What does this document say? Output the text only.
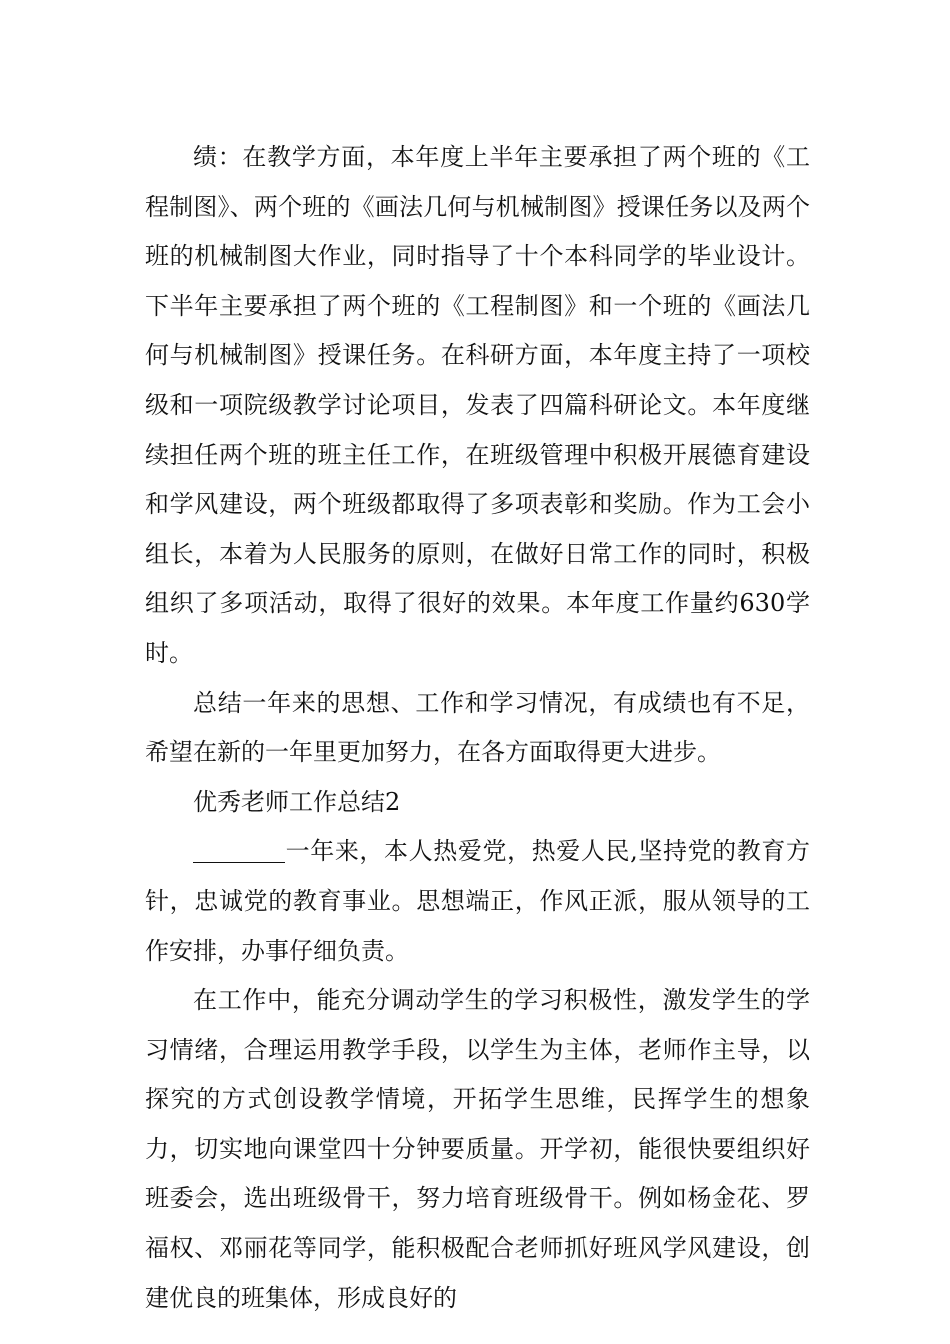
绩：在教学方面，本年度上半年主要承担了两个班的《工程制图》、两个班的《画法几何与机械制图》授课任务以及两个班的机械制图大作业，同时指导了十个本科同学的毕业设计。下半年主要承担了两个班的《工程制图》和一个班的《画法几何与机械制图》授课任务。在科研方面，本年度主持了一项校级和一项院级教学讨论项目，发表了四篇科研论文。本年度继续担任两个班的班主任工作，在班级管理中积极开展德育建设和学风建设，两个班级都取得了多项表彰和奖励。作为工会小组长，本着为人民服务的原则，在做好日常工作的同时，积极组织了多项活动，取得了很好的效果。本年度工作量约630学时。

总结一年来的思想、工作和学习情况，有成绩也有不足，希望在新的一年里更加努力，在各方面取得更大进步。

优秀老师工作总结2

一年来，本人热爱党，热爱人民,坚持党的教育方针，忠诚党的教育事业。思想端正，作风正派，服从领导的工作安排，办事仔细负责。

在工作中，能充分调动学生的学习积极性，激发学生的学习情绪，合理运用教学手段，以学生为主体，老师作主导，以探究的方式创设教学情境，开拓学生思维，民挥学生的想象力，切实地向课堂四十分钟要质量。开学初，能很快要组织好班委会，选出班级骨干，努力培育班级骨干。例如杨金花、罗福权、邓丽花等同学，能积极配合老师抓好班风学风建设，创建优良的班集体，形成良好的
